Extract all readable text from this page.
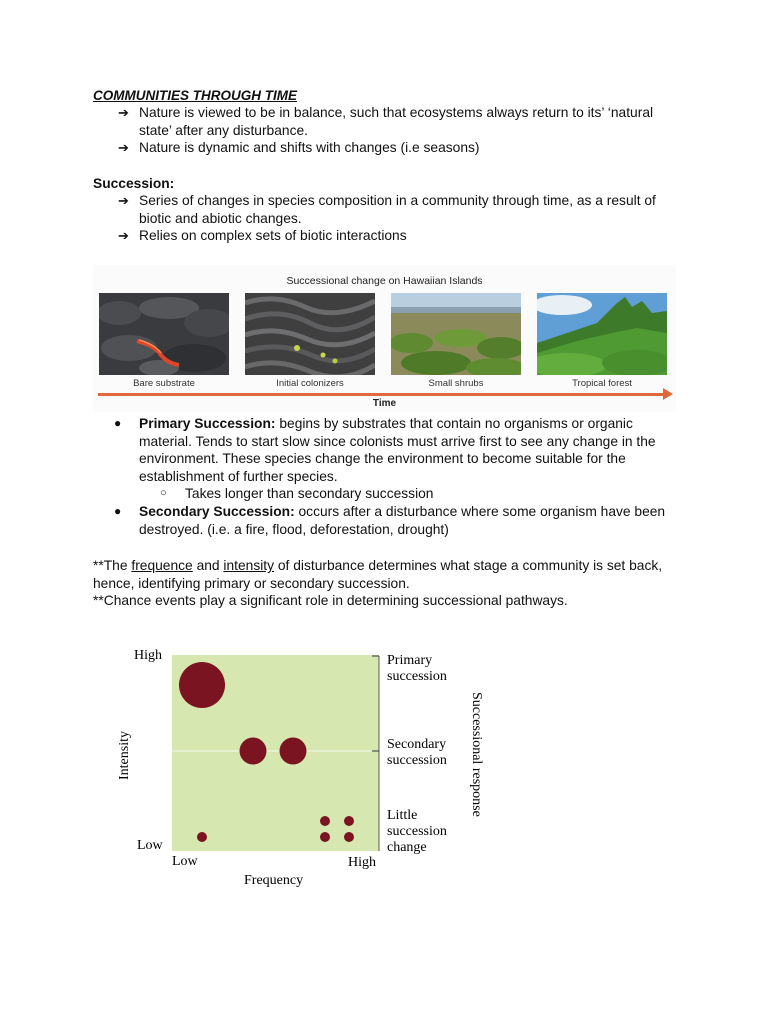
COMMUNITIES THROUGH TIME
➔ Nature is viewed to be in balance, such that ecosystems always return to its’ ‘natural state’ after any disturbance.
➔ Nature is dynamic and shifts with changes (i.e seasons)
Succession:
➔ Series of changes in species composition in a community through time, as a result of biotic and abiotic changes.
➔ Relies on complex sets of biotic interactions
Successional change on Hawaiian Islands
Bare substrate	Initial colonizers	Small shrubs	Tropical forest
Time
●	Primary Succession: begins by substrates that contain no organisms or organic material. Tends to start slow since colonists must arrive first to see any change in the environment. These species change the environment to become suitable for the establishment of further species.
○	Takes longer than secondary succession
●	Secondary Succession: occurs after a disturbance where some organism have been destroyed. (i.e. a fire, flood, deforestation, drought)
**The frequence and intensity of disturbance determines what stage a community is set back, hence, identifying primary or secondary succession.
**Chance events play a significant role in determining successional pathways.
High
Low
Intensity
Low	High
Frequency
Primary
succession
Secondary
succession
Little
succession
change
Successional response
